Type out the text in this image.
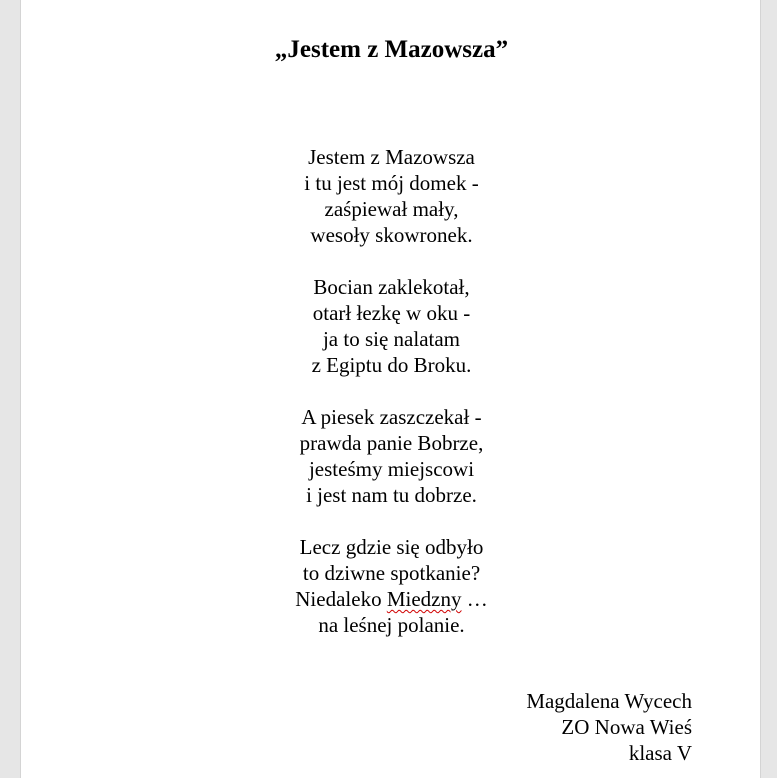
„Jestem z Mazowsza”

Jestem z Mazowsza
i tu jest mój domek -
zaśpiewał mały,
wesoły skowronek.

Bocian zaklekotał,
otarł łezkę w oku -
ja to się nalatam
z Egiptu do Broku.

A piesek zaszczekał -
prawda panie Bobrze,
jesteśmy miejscowi
i jest nam tu dobrze.

Lecz gdzie się odbyło
to dziwne spotkanie?
Niedaleko Miedzny …
na leśnej polanie.

Magdalena Wycech
ZO Nowa Wieś
klasa V
